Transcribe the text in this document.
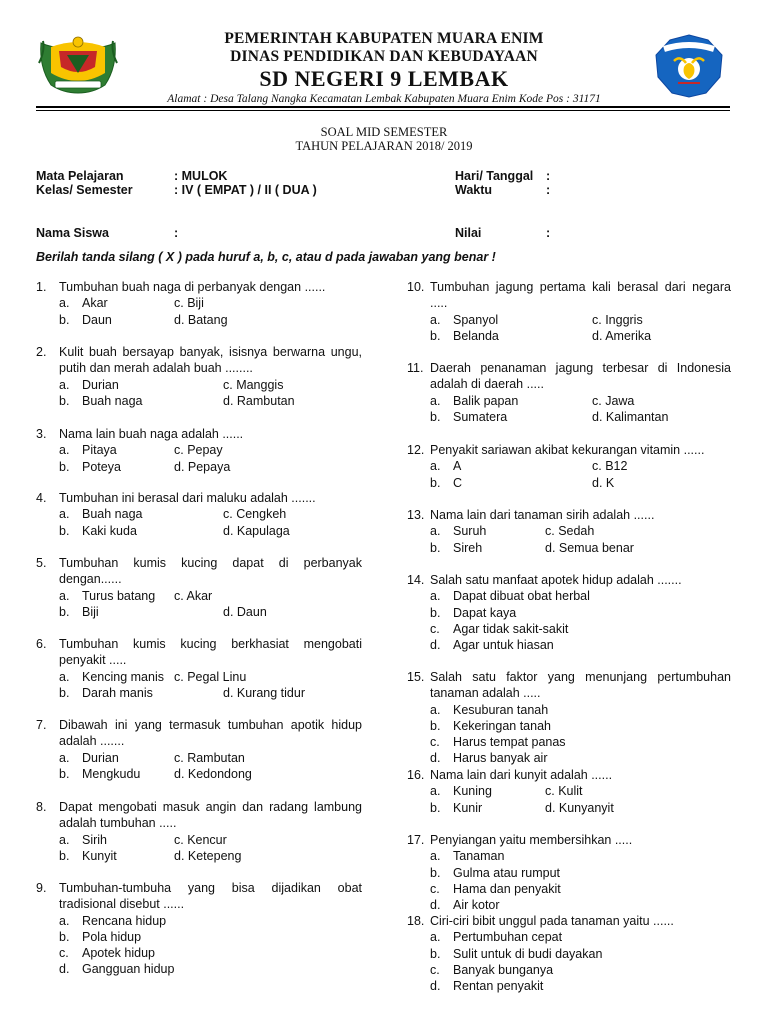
PEMERINTAH KABUPATEN MUARA ENIM
DINAS PENDIDIKAN DAN KEBUDAYAAN
SD NEGERI 9 LEMBAK
Alamat : Desa Talang Nangka Kecamatan Lembak Kabupaten Muara Enim Kode Pos : 31171
SOAL MID SEMESTER
TAHUN PELAJARAN 2018/ 2019
Mata Pelajaran	: MULOK	Hari/ Tanggal :
Kelas/ Semester	: IV ( EMPAT ) / II ( DUA )	Waktu	:
Nama Siswa	:	Nilai	:
Berilah tanda silang ( X ) pada huruf a, b, c, atau d pada jawaban yang benar !
1.	Tumbuhan buah naga di perbanyak dengan ......
a.	Akar	c. Biji
b.	Daun	d. Batang
2.	Kulit buah bersayap banyak, isisnya berwarna ungu, putih dan merah adalah buah ........
a.	Durian	c. Manggis
b.	Buah naga	d. Rambutan
3.	Nama lain buah naga adalah ......
a.	Pitaya	c. Pepay
b.	Poteya	d. Pepaya
4.	Tumbuhan ini berasal dari maluku adalah .......
a.	Buah naga	c. Cengkeh
b.	Kaki kuda	d. Kapulaga
5.	Tumbuhan kumis kucing dapat di perbanyak dengan......
a.	Turus batang	c. Akar
b.	Biji	d. Daun
6.	Tumbuhan kumis kucing berkhasiat mengobati penyakit .....
a.	Kencing manis c. Pegal Linu
b.	Darah manis	d. Kurang tidur
7.	Dibawah ini yang termasuk tumbuhan apotik hidup adalah .......
a.	Durian	c. Rambutan
b.	Mengkudu	d. Kedondong
8.	Dapat mengobati masuk angin dan radang lambung adalah tumbuhan .....
a.	Sirih	c. Kencur
b.	Kunyit	d. Ketepeng
9.	Tumbuhan-tumbuha yang bisa dijadikan obat tradisional disebut ......
a.	Rencana hidup
b.	Pola hidup
c.	Apotek hidup
d.	Gangguan hidup
10. Tumbuhan jagung pertama kali berasal dari negara .....
a.	Spanyol	c. Inggris
b.	Belanda	d. Amerika
11. Daerah penanaman jagung terbesar di Indonesia adalah di daerah .....
a.	Balik papan	c. Jawa
b.	Sumatera	d. Kalimantan
12. Penyakit sariawan akibat kekurangan vitamin ......
a.	A	c. B12
b.	C	d. K
13. Nama lain dari tanaman sirih adalah ......
a.	Suruh	c. Sedah
b.	Sireh	d. Semua benar
14. Salah satu manfaat apotek hidup adalah .......
a.	Dapat dibuat obat herbal
b.	Dapat kaya
c.	Agar tidak sakit-sakit
d.	Agar untuk hiasan
15. Salah satu faktor yang menunjang pertumbuhan tanaman adalah .....
a.	Kesuburan tanah
b.	Kekeringan tanah
c.	Harus tempat panas
d.	Harus banyak air
16. Nama lain dari kunyit adalah ......
a.	Kuning	c. Kulit
b.	Kunir	d. Kunyanyit
17. Penyiangan yaitu membersihkan .....
a.	Tanaman
b.	Gulma atau rumput
c.	Hama dan penyakit
d.	Air kotor
18. Ciri-ciri bibit unggul pada tanaman yaitu ......
a.	Pertumbuhan cepat
b.	Sulit untuk di budi dayakan
c.	Banyak bunganya
d.	Rentan penyakit
